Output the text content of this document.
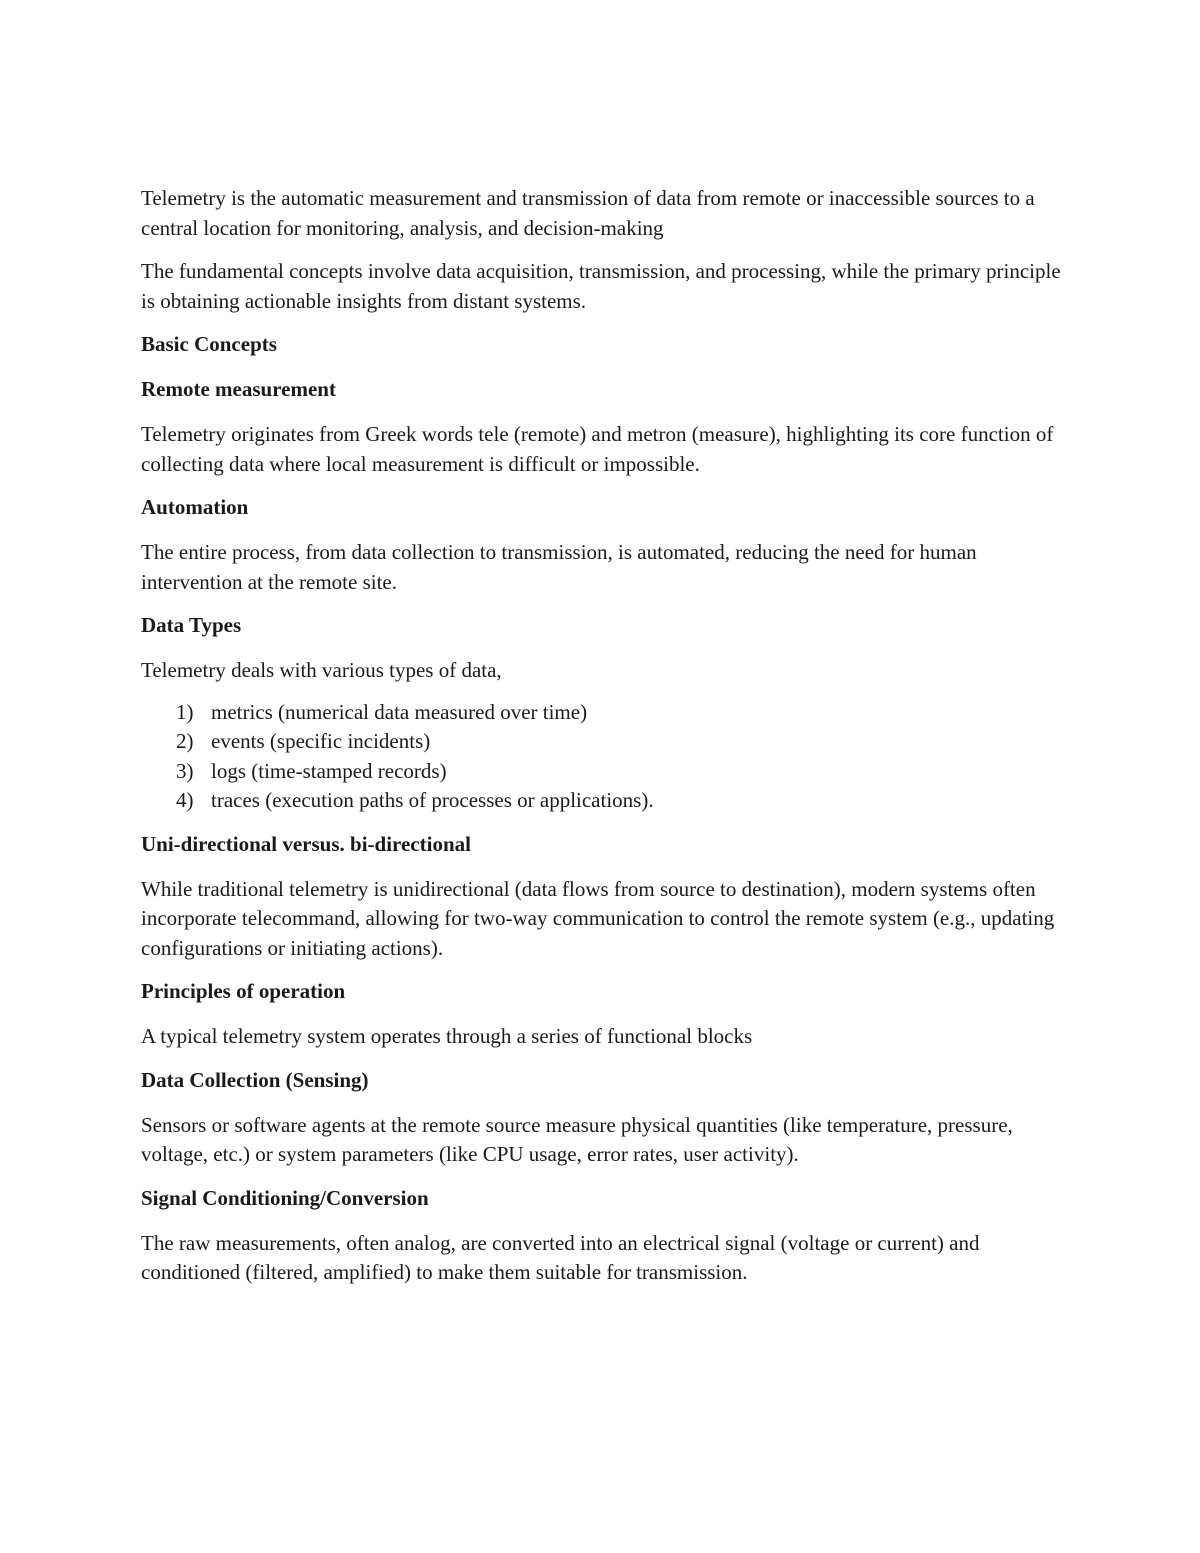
Telemetry is the automatic measurement and transmission of data from remote or inaccessible sources to a central location for monitoring, analysis, and decision-making

The fundamental concepts involve data acquisition, transmission, and processing, while the primary principle is obtaining actionable insights from distant systems.

Basic Concepts
Remote measurement

Telemetry originates from Greek words tele (remote) and metron (measure), highlighting its core function of collecting data where local measurement is difficult or impossible.

Automation

The entire process, from data collection to transmission, is automated, reducing the need for human intervention at the remote site.

Data Types

Telemetry deals with various types of data,

1) metrics (numerical data measured over time)
2) events (specific incidents)
3) logs (time-stamped records)
4) traces (execution paths of processes or applications).
Uni-directional versus. bi-directional

While traditional telemetry is unidirectional (data flows from source to destination), modern systems often incorporate telecommand, allowing for two-way communication to control the remote system (e.g., updating configurations or initiating actions).

Principles of operation

A typical telemetry system operates through a series of functional blocks

Data Collection (Sensing)

Sensors or software agents at the remote source measure physical quantities (like temperature, pressure, voltage, etc.) or system parameters (like CPU usage, error rates, user activity).

Signal Conditioning/Conversion

The raw measurements, often analog, are converted into an electrical signal (voltage or current) and conditioned (filtered, amplified) to make them suitable for transmission.
